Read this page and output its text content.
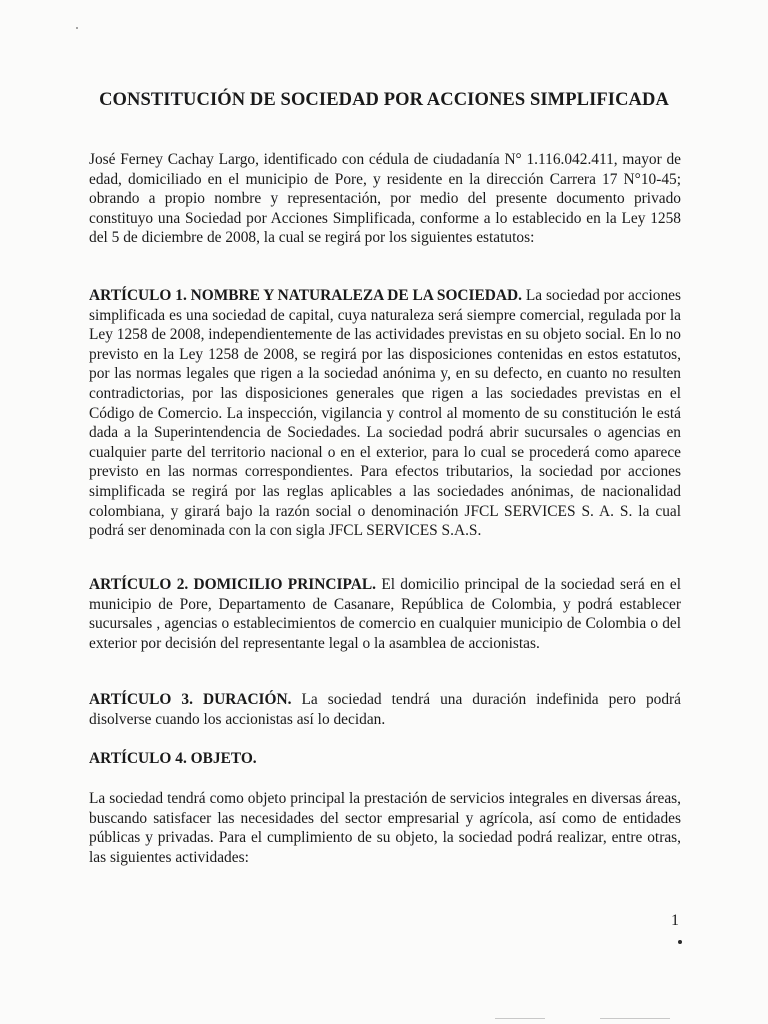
CONSTITUCIÓN DE SOCIEDAD POR ACCIONES SIMPLIFICADA

José Ferney Cachay Largo, identificado con cédula de ciudadanía N° 1.116.042.411, mayor de edad, domiciliado en el municipio de Pore, y residente en la dirección Carrera 17 N°10-45; obrando a propio nombre y representación, por medio del presente documento privado constituyo una Sociedad por Acciones Simplificada, conforme a lo establecido en la Ley 1258 del 5 de diciembre de 2008, la cual se regirá por los siguientes estatutos:

ARTÍCULO 1. NOMBRE Y NATURALEZA DE LA SOCIEDAD. La sociedad por acciones simplificada es una sociedad de capital, cuya naturaleza será siempre comercial, regulada por la Ley 1258 de 2008, independientemente de las actividades previstas en su objeto social. En lo no previsto en la Ley 1258 de 2008, se regirá por las disposiciones contenidas en estos estatutos, por las normas legales que rigen a la sociedad anónima y, en su defecto, en cuanto no resulten contradictorias, por las disposiciones generales que rigen a las sociedades previstas en el Código de Comercio. La inspección, vigilancia y control al momento de su constitución le está dada a la Superintendencia de Sociedades. La sociedad podrá abrir sucursales o agencias en cualquier parte del territorio nacional o en el exterior, para lo cual se procederá como aparece previsto en las normas correspondientes. Para efectos tributarios, la sociedad por acciones simplificada se regirá por las reglas aplicables a las sociedades anónimas, de nacionalidad colombiana, y girará bajo la razón social o denominación JFCL SERVICES S. A. S. la cual podrá ser denominada con la con sigla JFCL SERVICES S.A.S.

ARTÍCULO 2. DOMICILIO PRINCIPAL. El domicilio principal de la sociedad será en el municipio de Pore, Departamento de Casanare, República de Colombia, y podrá establecer sucursales , agencias o establecimientos de comercio en cualquier municipio de Colombia o del exterior por decisión del representante legal o la asamblea de accionistas.

ARTÍCULO 3. DURACIÓN. La sociedad tendrá una duración indefinida pero podrá disolverse cuando los accionistas así lo decidan.

ARTÍCULO 4. OBJETO.

La sociedad tendrá como objeto principal la prestación de servicios integrales en diversas áreas, buscando satisfacer las necesidades del sector empresarial y agrícola, así como de entidades públicas y privadas. Para el cumplimiento de su objeto, la sociedad podrá realizar, entre otras, las siguientes actividades:

1
